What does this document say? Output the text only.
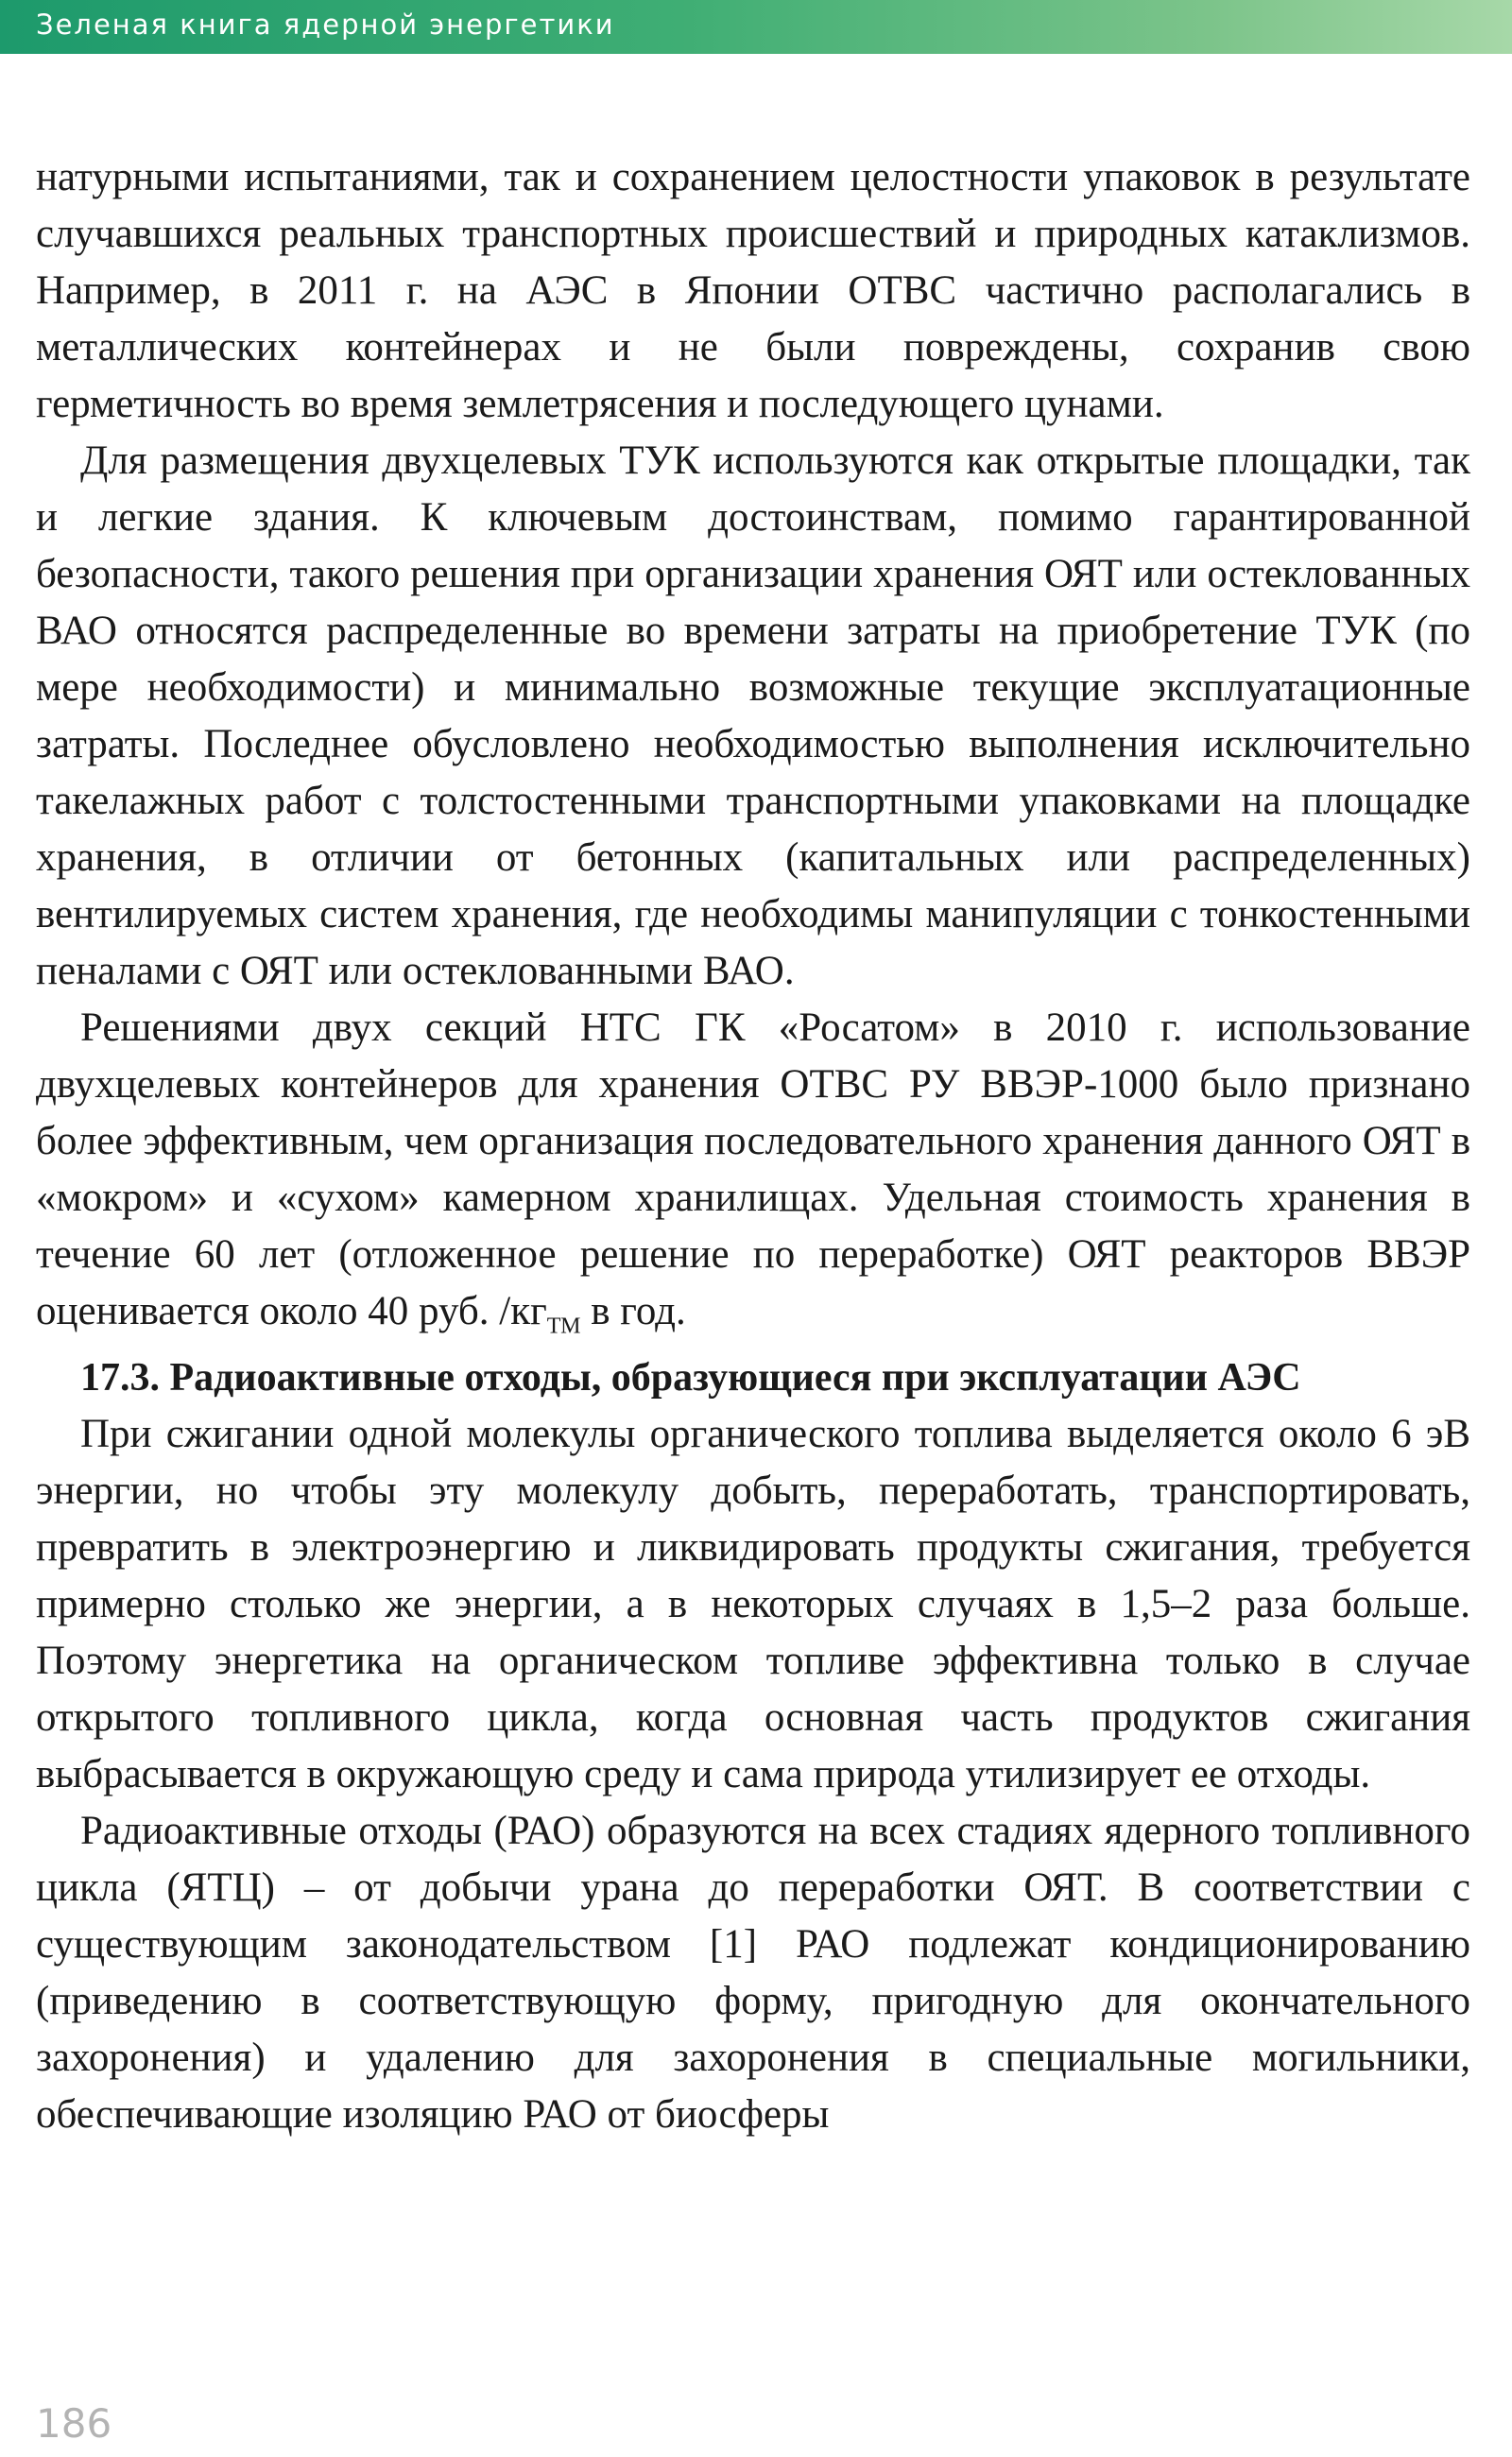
Зеленая книга ядерной энергетики

натурными испытаниями, так и сохранением целостности упаковок в результате случавшихся реальных транспортных происшествий и природных катаклизмов. Например, в 2011 г. на АЭС в Японии ОТВС частично располагались в металлических контейнерах и не были повреждены, сохранив свою герметичность во время землетрясения и последующего цунами.

Для размещения двухцелевых ТУК используются как открытые площадки, так и легкие здания. К ключевым достоинствам, помимо гарантированной безопасности, такого решения при организации хранения ОЯТ или остеклованных ВАО относятся распределенные во времени затраты на приобретение ТУК (по мере необходимости) и минимально возможные текущие эксплуатационные затраты. Последнее обусловлено необходимостью выполнения исключительно такелажных работ с толстостенными транспортными упаковками на площадке хранения, в отличии от бетонных (капитальных или распределенных) вентилируемых систем хранения, где необходимы манипуляции с тонкостенными пеналами с ОЯТ или остеклованными ВАО.

Решениями двух секций НТС ГК «Росатом» в 2010 г. использование двухцелевых контейнеров для хранения ОТВС РУ ВВЭР-1000 было признано более эффективным, чем организация последовательного хранения данного ОЯТ в «мокром» и «сухом» камерном хранилищах. Удельная стоимость хранения в течение 60 лет (отложенное решение по переработке) ОЯТ реакторов ВВЭР оценивается около 40 руб. $/кг_{ТМ}$ в год.

17.3. Радиоактивные отходы, образующиеся при эксплуатации АЭС

При сжигании одной молекулы органического топлива выделяется около 6 эВ энергии, но чтобы эту молекулу добыть, переработать, транспортировать, превратить в электроэнергию и ликвидировать продукты сжигания, требуется примерно столько же энергии, а в некоторых случаях в 1,5–2 раза больше. Поэтому энергетика на органическом топливе эффективна только в случае открытого топливного цикла, когда основная часть продуктов сжигания выбрасывается в окружающую среду и сама природа утилизирует ее отходы.

Радиоактивные отходы (РАО) образуются на всех стадиях ядерного топливного цикла (ЯТЦ) – от добычи урана до переработки ОЯТ. В соответствии с существующим законодательством [1] РАО подлежат кондиционированию (приведению в соответствующую форму, пригодную для окончательного захоронения) и удалению для захоронения в специальные могильники, обеспечивающие изоляцию РАО от биосферы

186
